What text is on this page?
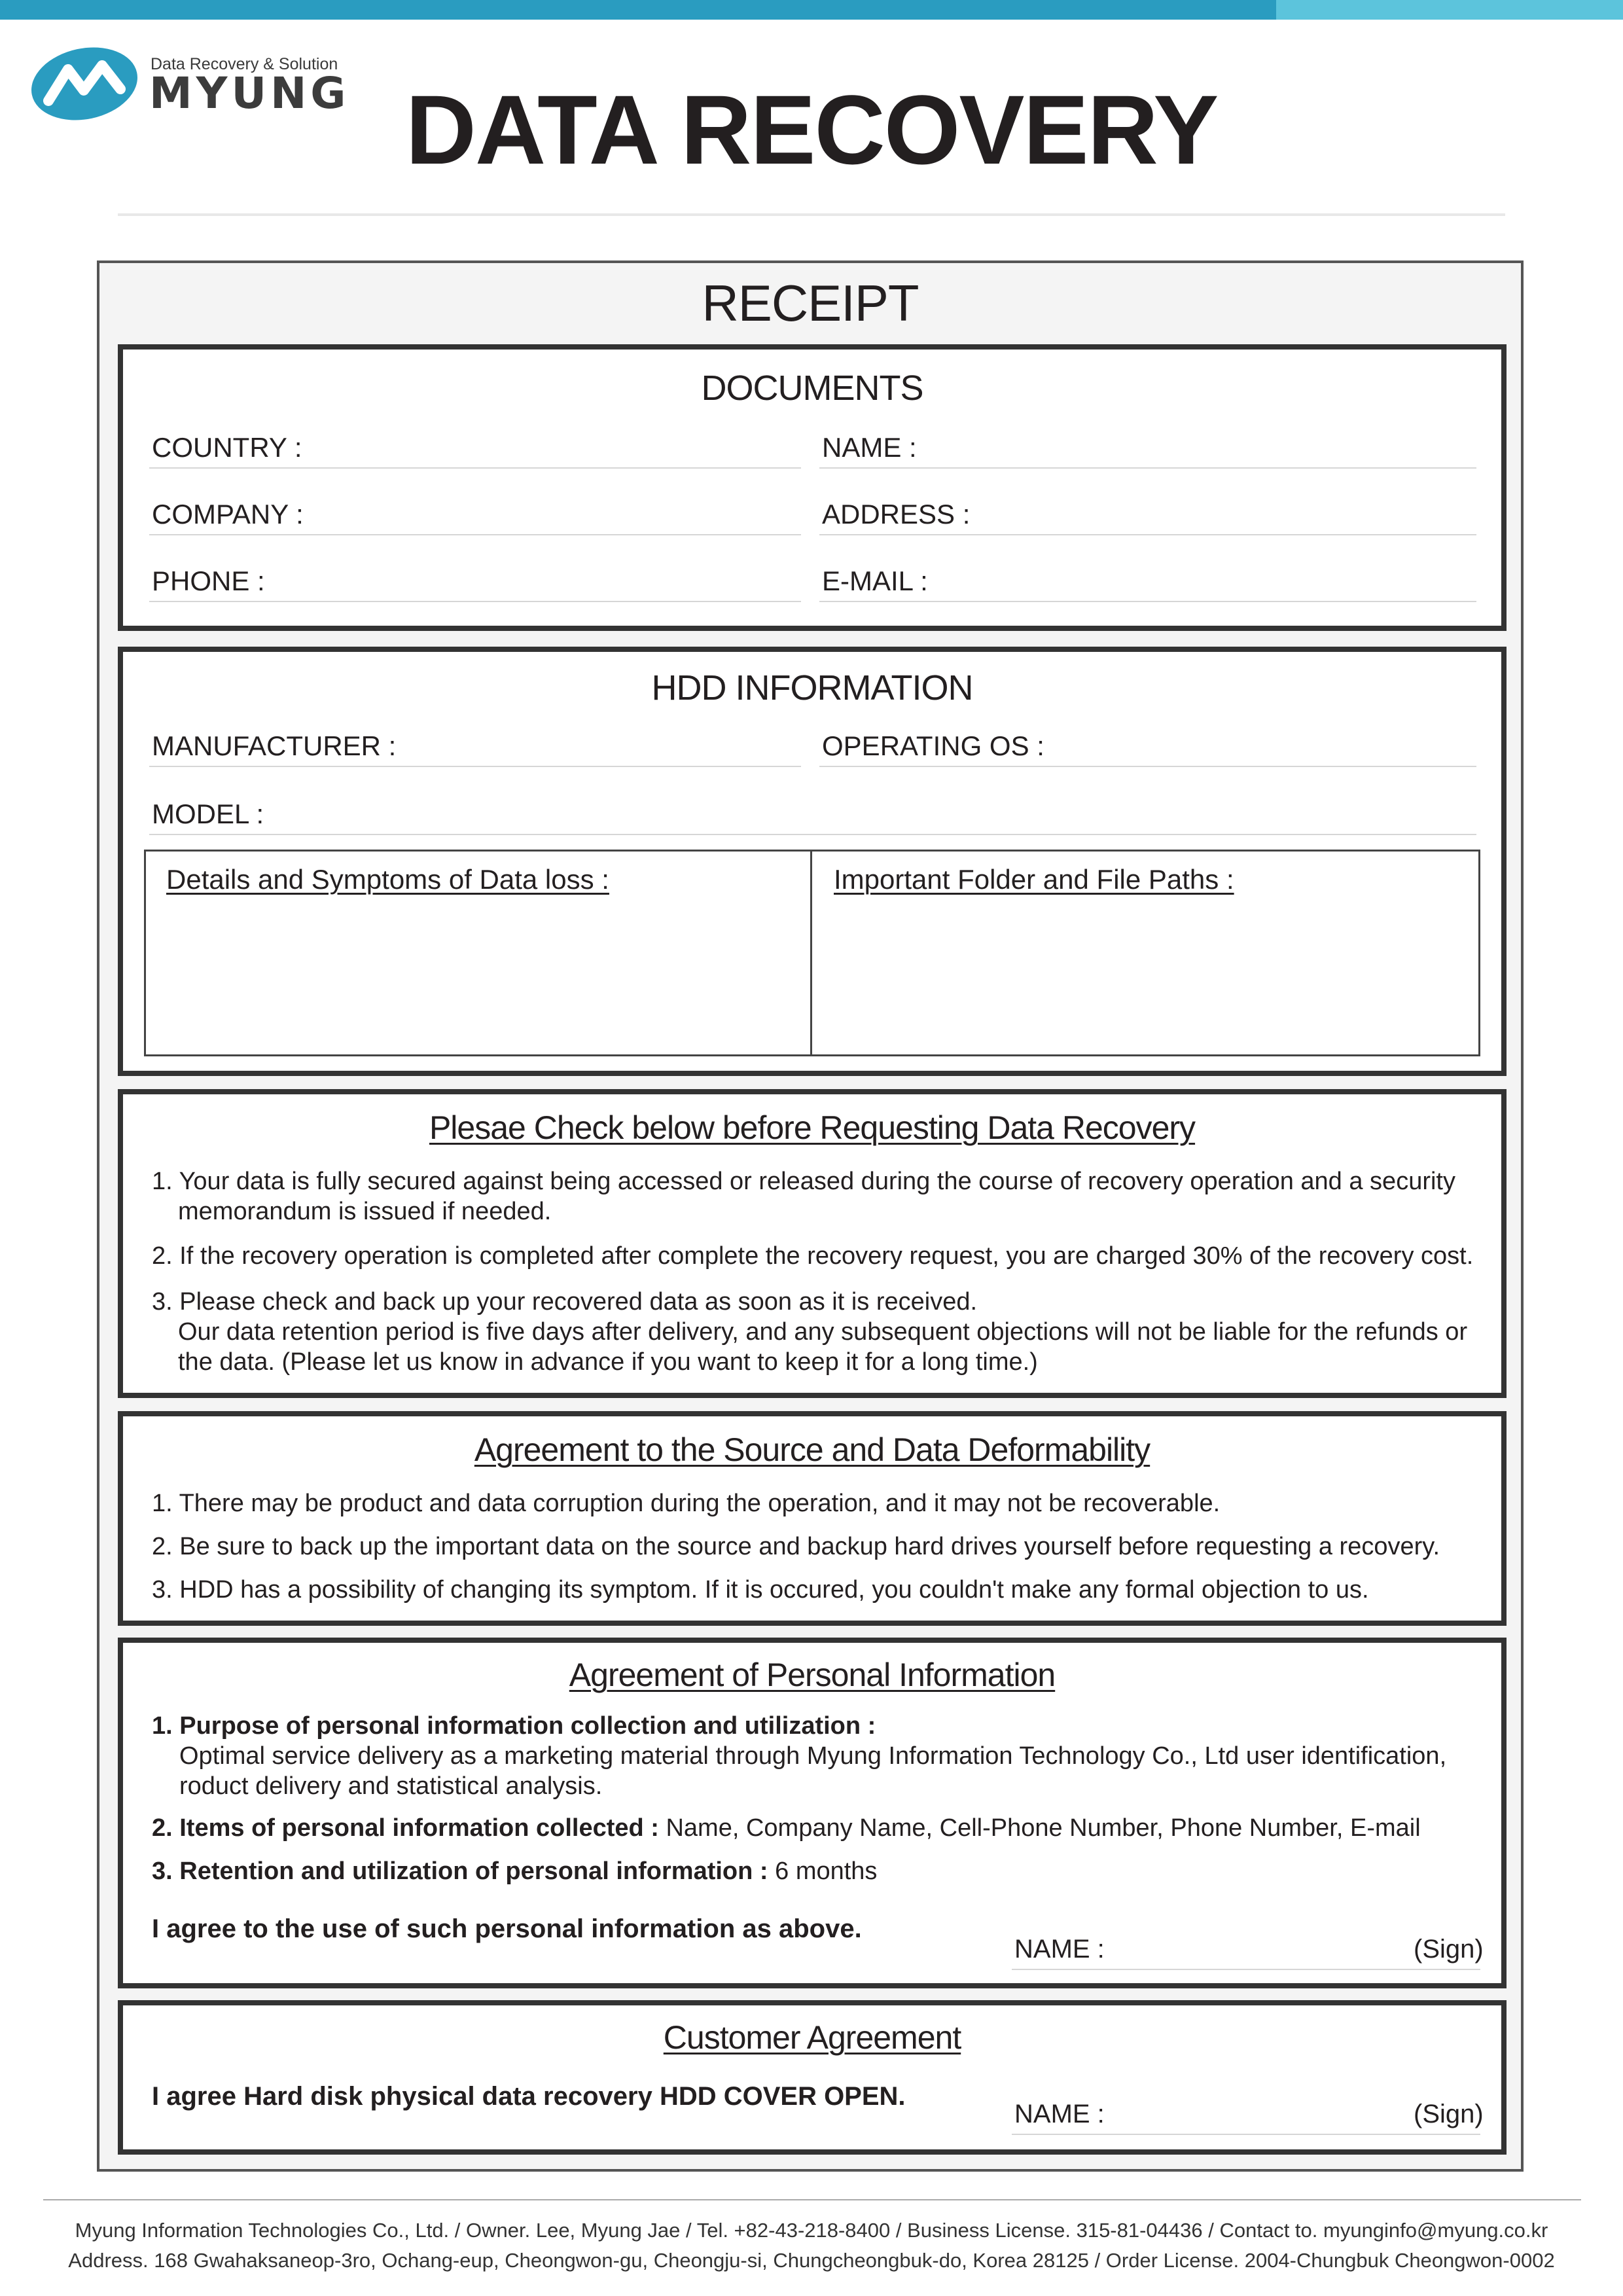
Data Recovery & Solution
MYUNG DATA RECOVERY
RECEIPT
DOCUMENTS
COUNTRY :	NAME :
COMPANY :	ADDRESS :
PHONE :	E-MAIL :
HDD INFORMATION
MANUFACTURER :	OPERATING OS :
MODEL :
Details and Symptoms of Data loss :	Important Folder and File Paths :
Plesae Check below before Requesting Data Recovery
1. Your data is fully secured against being accessed or released during the course of recovery operation and a security
memorandum is issued if needed.
2. If the recovery operation is completed after complete the recovery request, you are charged 30% of the recovery cost.
3. Please check and back up your recovered data as soon as it is received.
Our data retention period is five days after delivery, and any subsequent objections will not be liable for the refunds or
the data. (Please let us know in advance if you want to keep it for a long time.)
Agreement to the Source and Data Deformability
1. There may be product and data corruption during the operation, and it may not be recoverable.
2. Be sure to back up the important data on the source and backup hard drives yourself before requesting a recovery.
3. HDD has a possibility of changing its symptom. If it is occured, you couldn't make any formal objection to us.
Agreement of Personal Information
1. Purpose of personal information collection and utilization :
Optimal service delivery as a marketing material through Myung Information Technology Co., Ltd user identification,
roduct delivery and statistical analysis.
2. Items of personal information collected : Name, Company Name, Cell-Phone Number, Phone Number, E-mail
3. Retention and utilization of personal information : 6 months
I agree to the use of such personal information as above.
NAME :	(Sign)
Customer Agreement
I agree Hard disk physical data recovery HDD COVER OPEN.
NAME :	(Sign)
Myung Information Technologies Co., Ltd. / Owner. Lee, Myung Jae / Tel. +82-43-218-8400 / Business License. 315-81-04436 / Contact to. myunginfo@myung.co.kr
Address. 168 Gwahaksaneop-3ro, Ochang-eup, Cheongwon-gu, Cheongju-si, Chungcheongbuk-do, Korea 28125 / Order License. 2004-Chungbuk Cheongwon-0002
